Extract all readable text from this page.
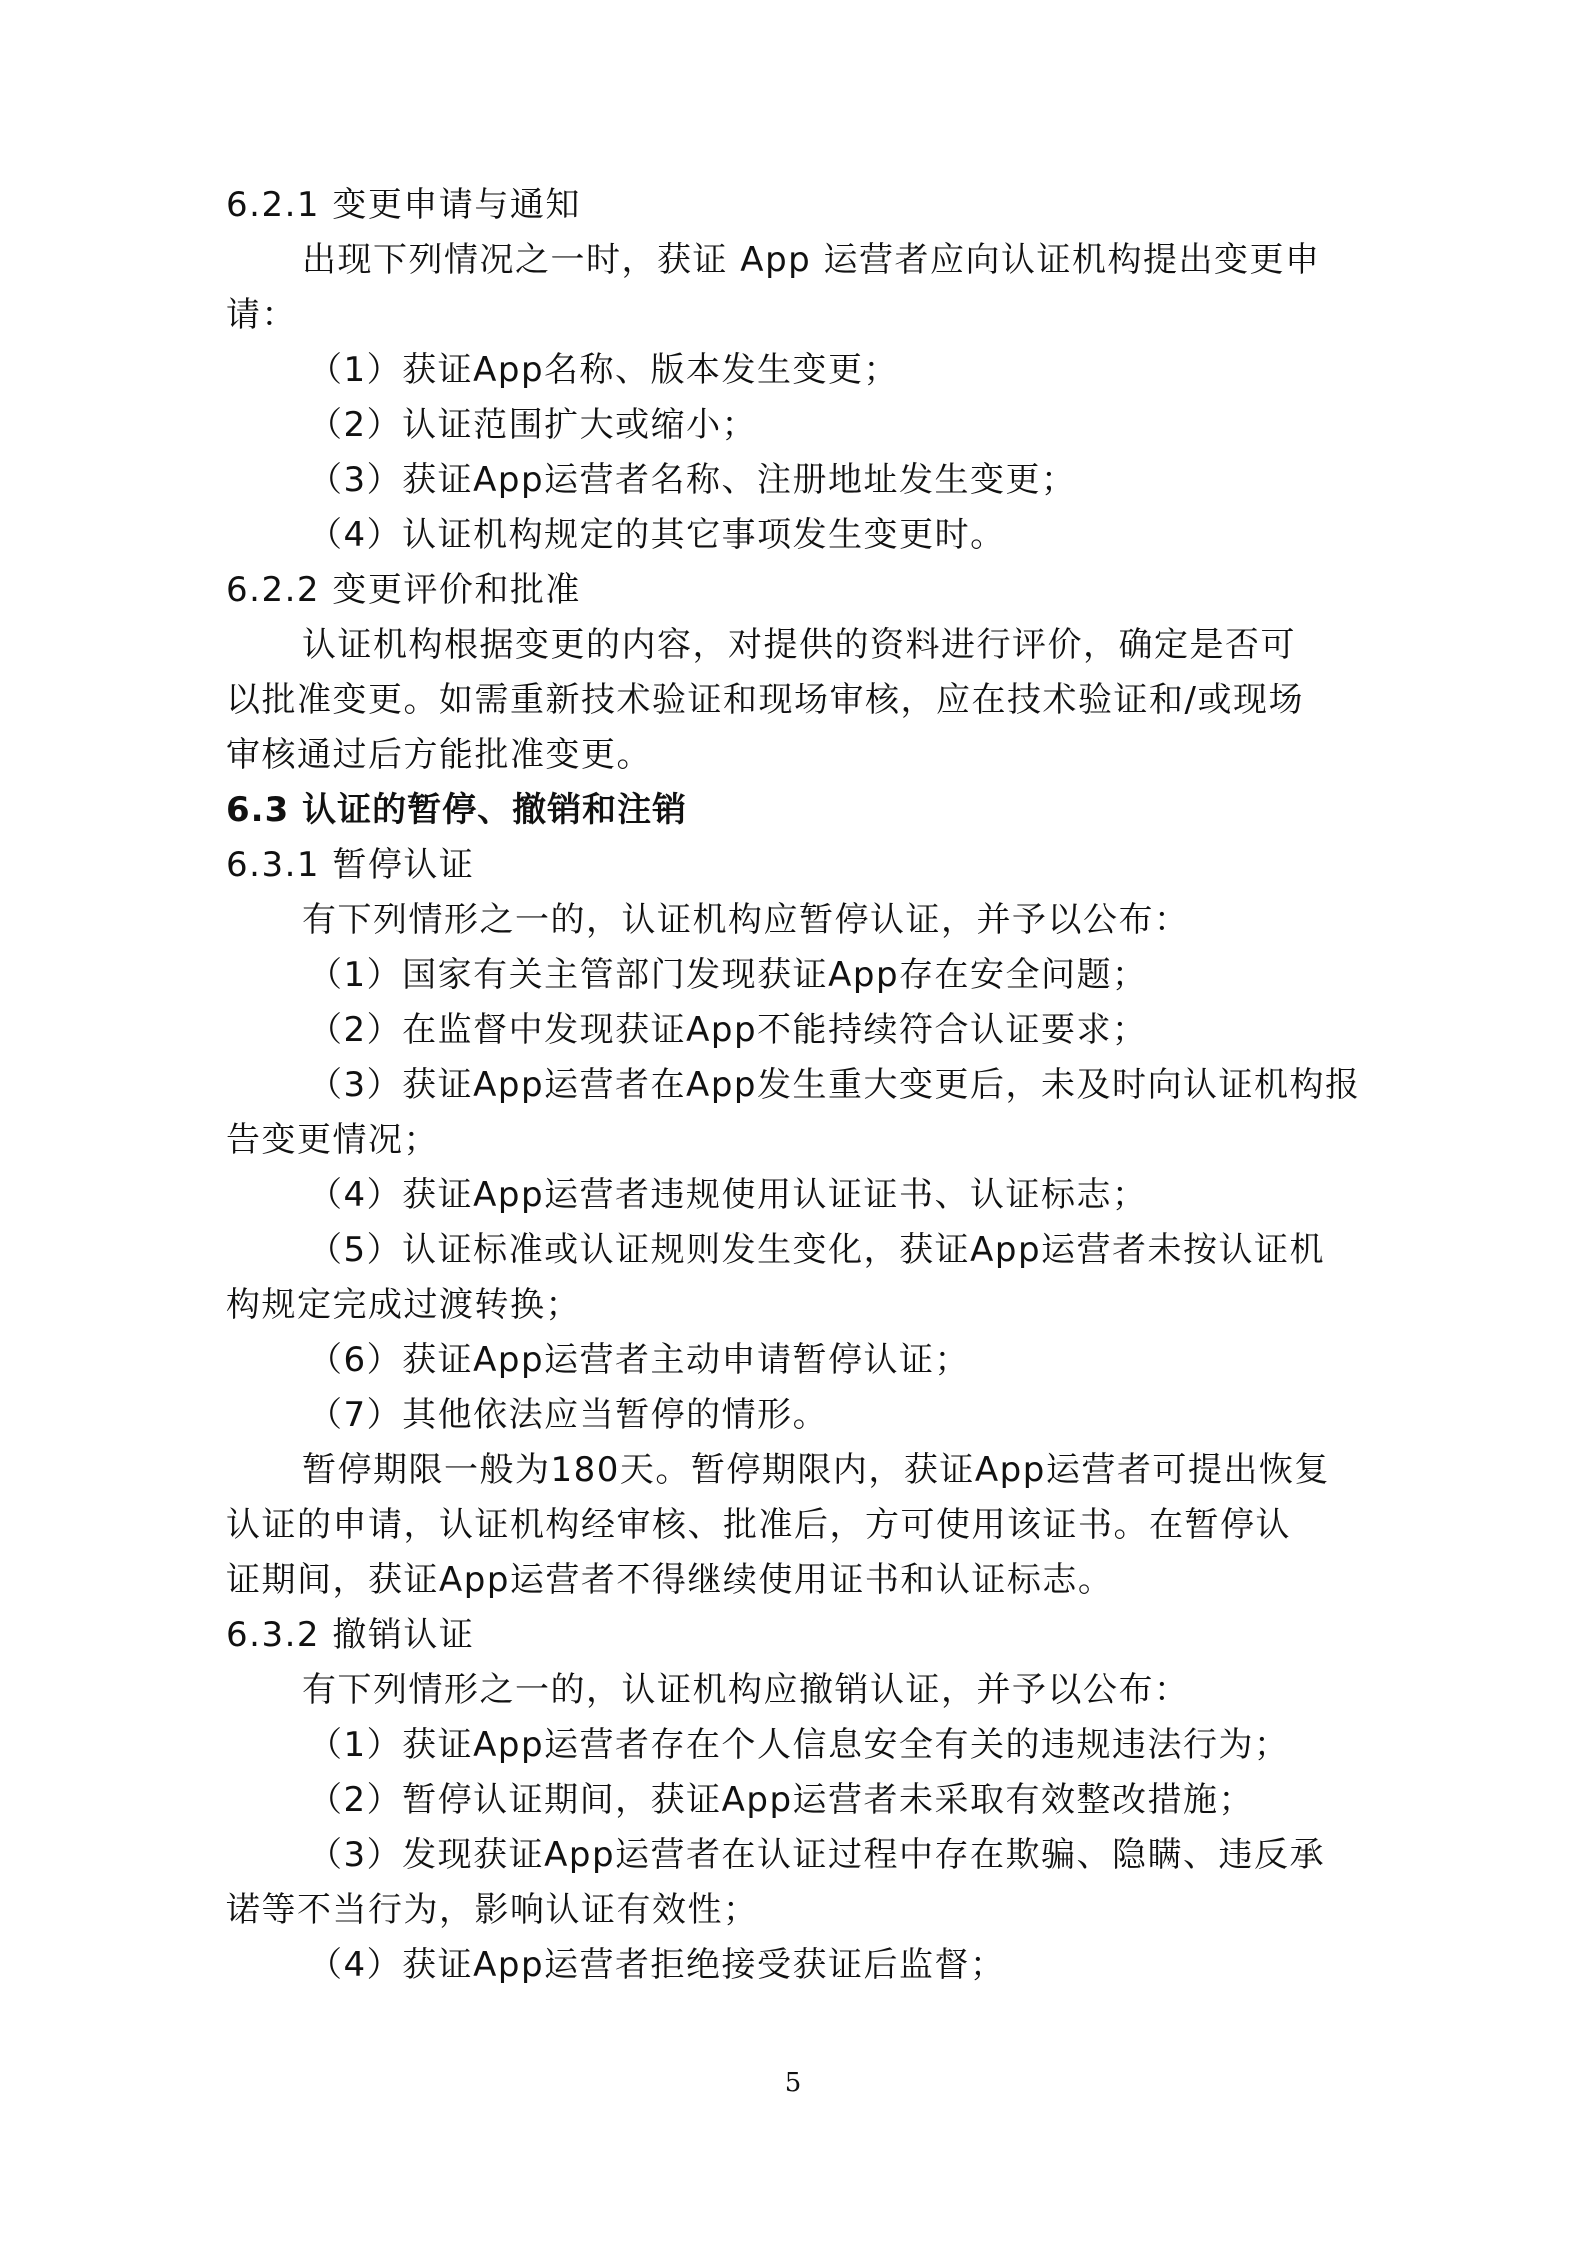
6.2.1 变更申请与通知

出现下列情况之一时，获证 App 运营者应向认证机构提出变更申

请：

（1）获证App名称、版本发生变更；

（2）认证范围扩大或缩小；

（3）获证App运营者名称、注册地址发生变更；

（4）认证机构规定的其它事项发生变更时。

6.2.2 变更评价和批准

认证机构根据变更的内容，对提供的资料进行评价，确定是否可

以批准变更。如需重新技术验证和现场审核，应在技术验证和/或现场

审核通过后方能批准变更。

6.3 认证的暂停、撤销和注销

6.3.1 暂停认证

有下列情形之一的，认证机构应暂停认证，并予以公布：

（1）国家有关主管部门发现获证App存在安全问题；

（2）在监督中发现获证App不能持续符合认证要求；

（3）获证App运营者在App发生重大变更后，未及时向认证机构报

告变更情况；

（4）获证App运营者违规使用认证证书、认证标志；

（5）认证标准或认证规则发生变化，获证App运营者未按认证机

构规定完成过渡转换；

（6）获证App运营者主动申请暂停认证；

（7）其他依法应当暂停的情形。

暂停期限一般为180天。暂停期限内，获证App运营者可提出恢复

认证的申请，认证机构经审核、批准后，方可使用该证书。在暂停认

证期间，获证App运营者不得继续使用证书和认证标志。

6.3.2 撤销认证

有下列情形之一的，认证机构应撤销认证，并予以公布：

（1）获证App运营者存在个人信息安全有关的违规违法行为；

（2）暂停认证期间，获证App运营者未采取有效整改措施；

（3）发现获证App运营者在认证过程中存在欺骗、隐瞒、违反承

诺等不当行为，影响认证有效性；

（4）获证App运营者拒绝接受获证后监督；

5
